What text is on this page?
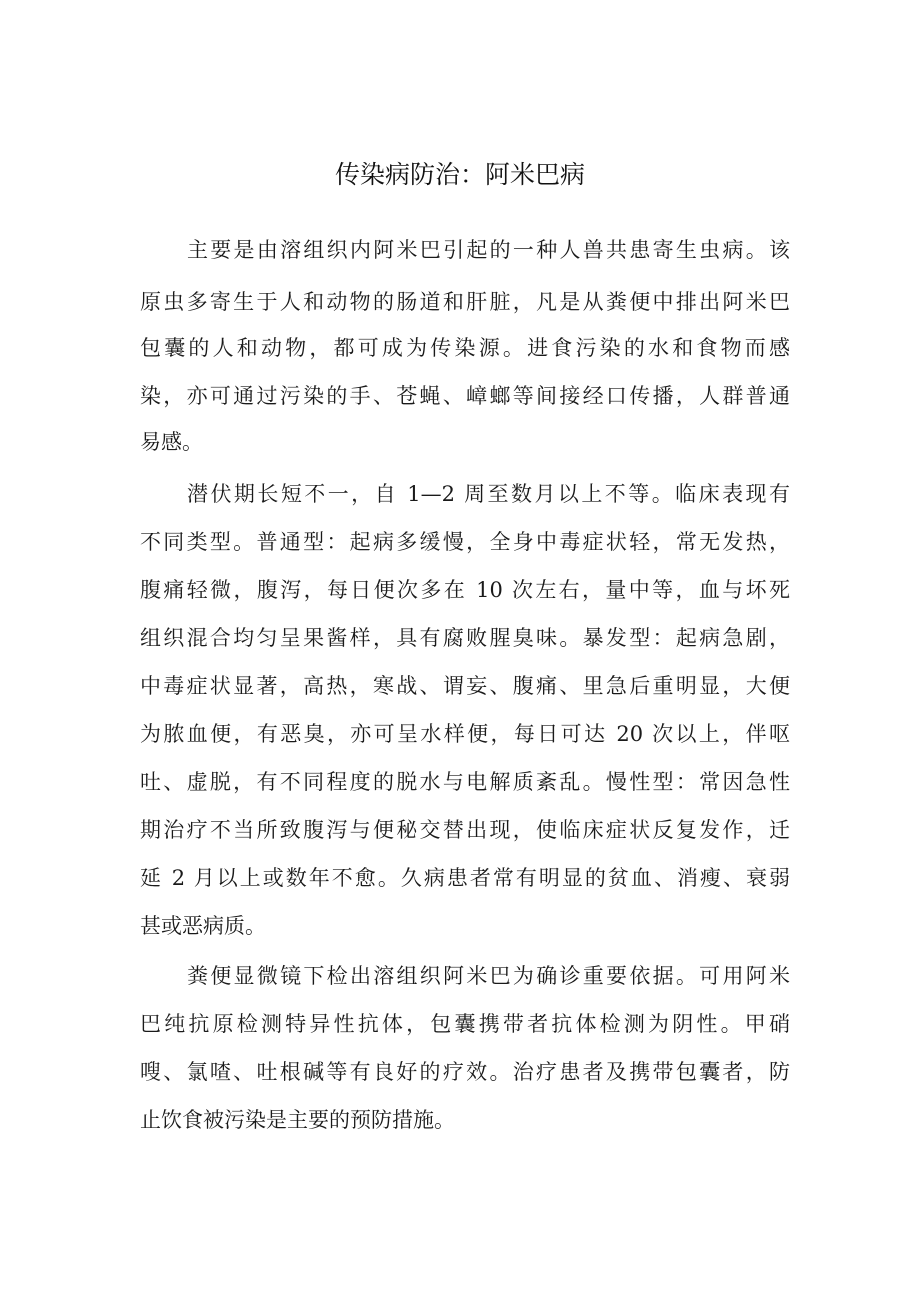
传染病防治：阿米巴病
主要是由溶组织内阿米巴引起的一种人兽共患寄生虫病。该
原虫多寄生于人和动物的肠道和肝脏，凡是从粪便中排出阿米巴
包囊的人和动物，都可成为传染源。进食污染的水和食物而感
染，亦可通过污染的手、苍蝇、嶂螂等间接经口传播，人群普通
易感。
潜伏期长短不一，自 1—2 周至数月以上不等。临床表现有
不同类型。普通型：起病多缓慢，全身中毒症状轻，常无发热，
腹痛轻微，腹泻，每日便次多在 10 次左右，量中等，血与坏死
组织混合均匀呈果酱样，具有腐败腥臭味。暴发型：起病急剧，
中毒症状显著，高热，寒战、谓妄、腹痛、里急后重明显，大便
为脓血便，有恶臭，亦可呈水样便，每日可达 20 次以上，伴呕
吐、虚脱，有不同程度的脱水与电解质紊乱。慢性型：常因急性
期治疗不当所致腹泻与便秘交替出现，使临床症状反复发作，迁
延 2 月以上或数年不愈。久病患者常有明显的贫血、消瘦、衰弱
甚或恶病质。
粪便显微镜下检出溶组织阿米巴为确诊重要依据。可用阿米
巴纯抗原检测特异性抗体，包囊携带者抗体检测为阴性。甲硝
嗖、氯喳、吐根碱等有良好的疗效。治疗患者及携带包囊者，防
止饮食被污染是主要的预防措施。
